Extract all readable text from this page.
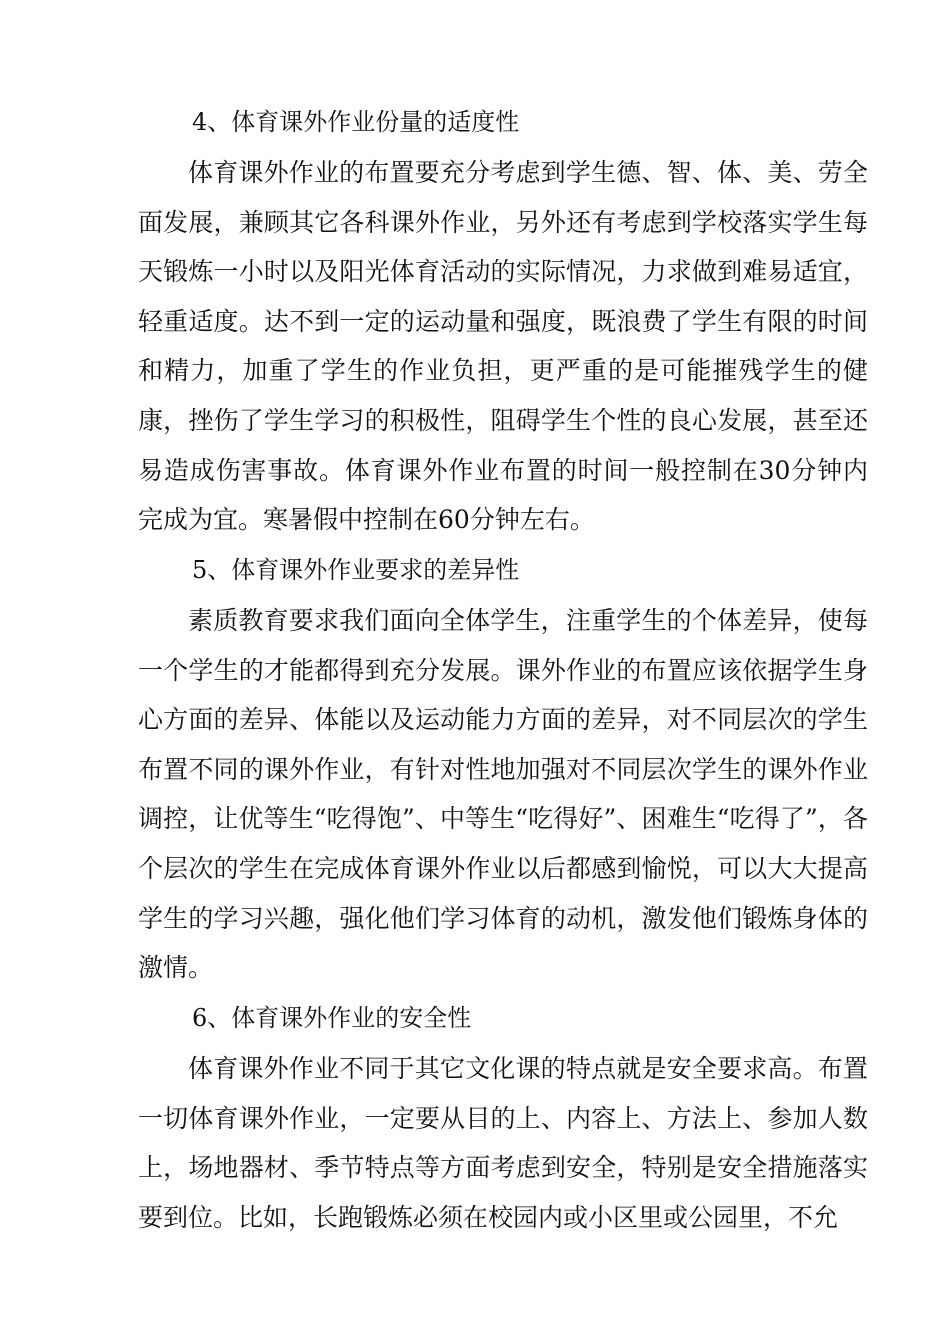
4、体育课外作业份量的适度性

体育课外作业的布置要充分考虑到学生德、智、体、美、劳全面发展，兼顾其它各科课外作业，另外还有考虑到学校落实学生每天锻炼一小时以及阳光体育活动的实际情况，力求做到难易适宜，轻重适度。达不到一定的运动量和强度，既浪费了学生有限的时间和精力，加重了学生的作业负担，更严重的是可能摧残学生的健康，挫伤了学生学习的积极性，阻碍学生个性的良心发展，甚至还易造成伤害事故。体育课外作业布置的时间一般控制在30分钟内完成为宜。寒暑假中控制在60分钟左右。

5、体育课外作业要求的差异性

素质教育要求我们面向全体学生，注重学生的个体差异，使每一个学生的才能都得到充分发展。课外作业的布置应该依据学生身心方面的差异、体能以及运动能力方面的差异，对不同层次的学生布置不同的课外作业，有针对性地加强对不同层次学生的课外作业调控，让优等生“吃得饱”、中等生“吃得好”、困难生“吃得了”，各个层次的学生在完成体育课外作业以后都感到愉悦，可以大大提高学生的学习兴趣，强化他们学习体育的动机，激发他们锻炼身体的激情。

6、体育课外作业的安全性

体育课外作业不同于其它文化课的特点就是安全要求高。布置一切体育课外作业，一定要从目的上、内容上、方法上、参加人数上，场地器材、季节特点等方面考虑到安全，特别是安全措施落实要到位。比如，长跑锻炼必须在校园内或小区里或公园里，不允
